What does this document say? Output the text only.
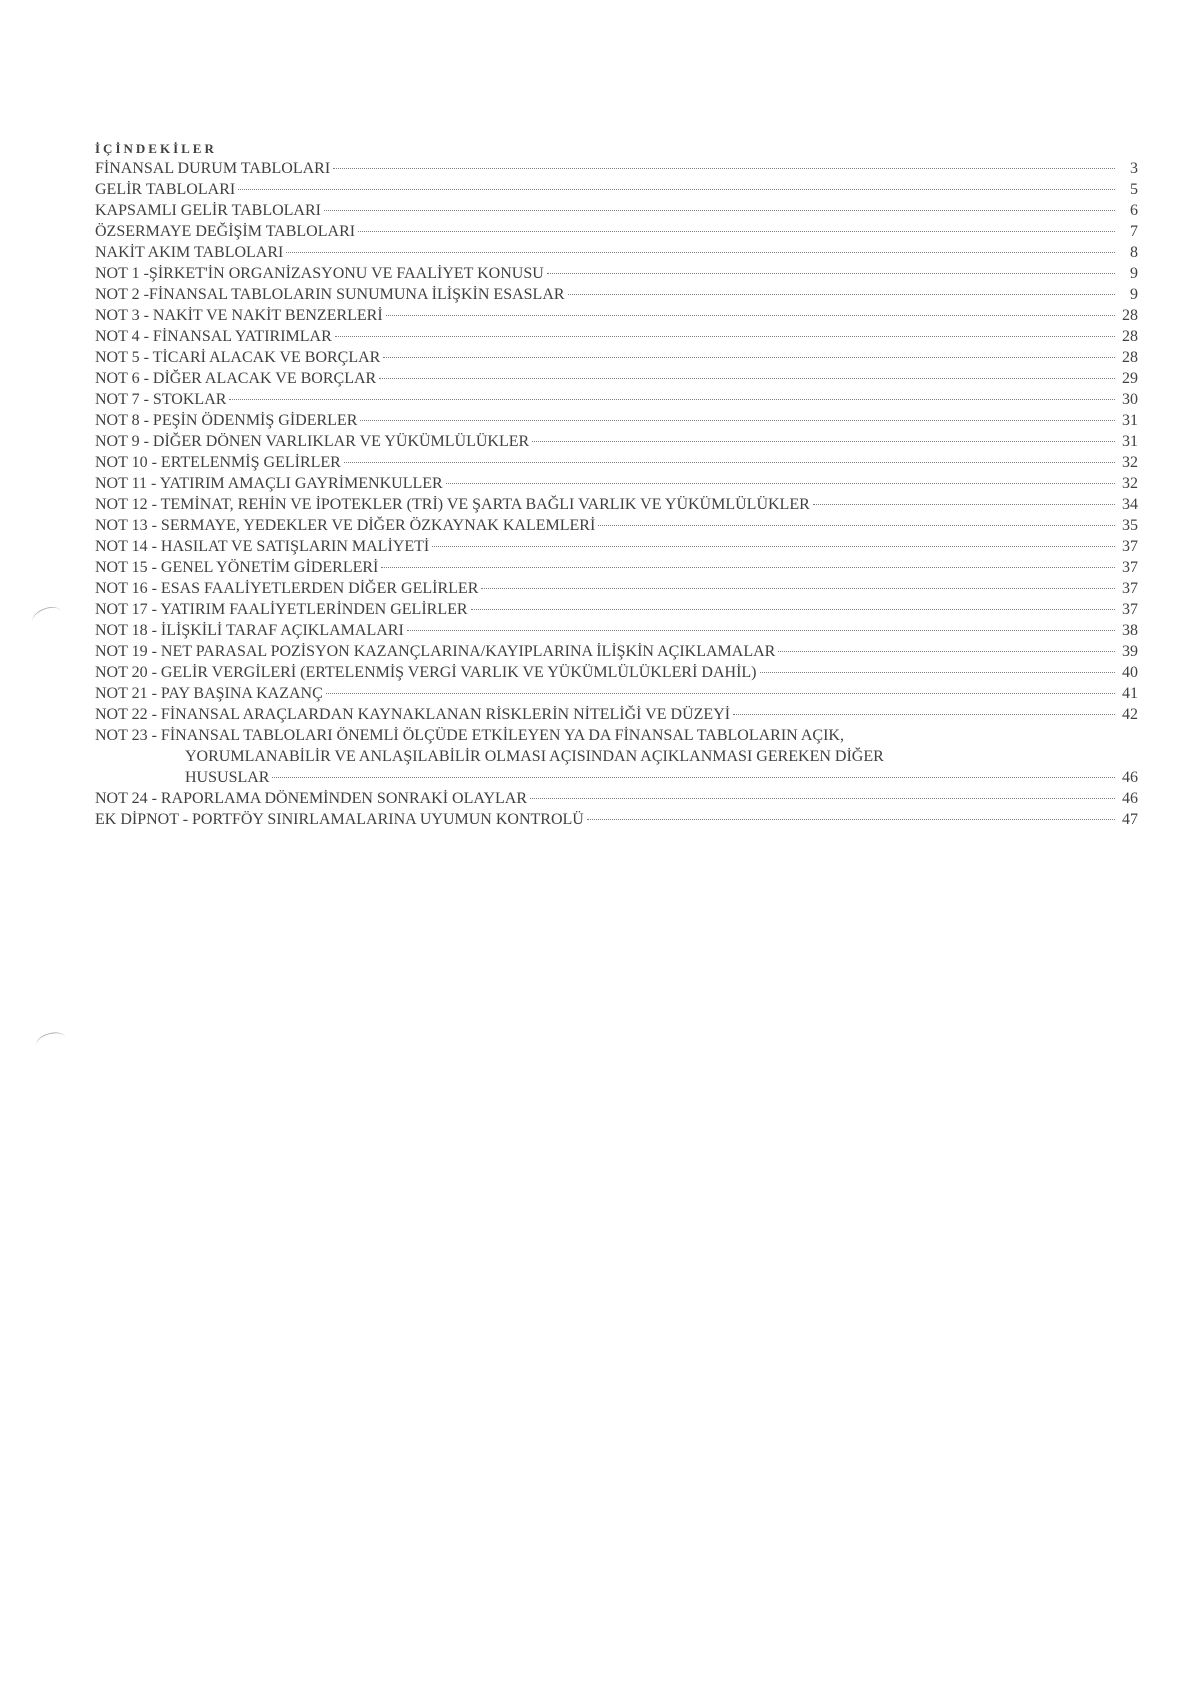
İÇİNDEKİLER
FİNANSAL DURUM TABLOLARI	3
GELİR TABLOLARI	5
KAPSAMLI GELİR TABLOLARI	6
ÖZSERMAYE DEĞİŞİM TABLOLARI	7
NAKİT AKIM TABLOLARI	8
NOT 1 -ŞİRKET'İN ORGANİZASYONU VE FAALİYET KONUSU	9
NOT 2 -FİNANSAL TABLOLARIN SUNUMUNA İLİŞKİN ESASLAR	9
NOT 3 - NAKİT VE NAKİT BENZERLERİ	28
NOT 4 - FİNANSAL YATIRIMLAR	28
NOT 5 - TİCARİ ALACAK VE BORÇLAR	28
NOT 6 - DİĞER ALACAK VE BORÇLAR	29
NOT 7 - STOKLAR	30
NOT 8 - PEŞİN ÖDENMİŞ GİDERLER	31
NOT 9 - DİĞER DÖNEN VARLIKLAR VE YÜKÜMLÜLÜKLER	31
NOT 10 - ERTELENMİŞ GELİRLER	32
NOT 11 - YATIRIM AMAÇLI GAYRİMENKULLER	32
NOT 12 - TEMİNAT, REHİN VE İPOTEKLER (TRİ) VE ŞARTA BAĞLI VARLIK VE YÜKÜMLÜLÜKLER	34
NOT 13 - SERMAYE, YEDEKLER VE DİĞER ÖZKAYNAK KALEMLERİ	35
NOT 14 - HASILAT VE SATIŞLARIN MALİYETİ	37
NOT 15 - GENEL YÖNETİM GİDERLERİ	37
NOT 16 - ESAS FAALİYETLERDEN DİĞER GELİRLER	37
NOT 17 - YATIRIM FAALİYETLERİNDEN GELİRLER	37
NOT 18 - İLİŞKİLİ TARAF AÇIKLAMALARI	38
NOT 19 - NET PARASAL POZİSYON KAZANÇLARINA/KAYIPLARINA İLİŞKİN AÇIKLAMALAR	39
NOT 20 - GELİR VERGİLERİ (ERTELENMİŞ VERGİ VARLIK VE YÜKÜMLÜLÜKLERİ DAHİL)	40
NOT 21 - PAY BAŞINA KAZANÇ	41
NOT 22 - FİNANSAL ARAÇLARDAN KAYNAKLANAN RİSKLERİN NİTELİĞİ VE DÜZEYİ	42
NOT 23 - FİNANSAL TABLOLARI ÖNEMLİ ÖLÇÜDE ETKİLEYEN YA DA FİNANSAL TABLOLARIN AÇIK,
YORUMLANABİLİR VE ANLAŞILABİLİR OLMASI AÇISINDAN AÇIKLANMASI GEREKEN DİĞER
HUSUSLAR	46
NOT 24 - RAPORLAMA DÖNEMİNDEN SONRAKİ OLAYLAR	46
EK DİPNOT - PORTFÖY SINIRLAMALARINA UYUMUN KONTROLÜ	47
